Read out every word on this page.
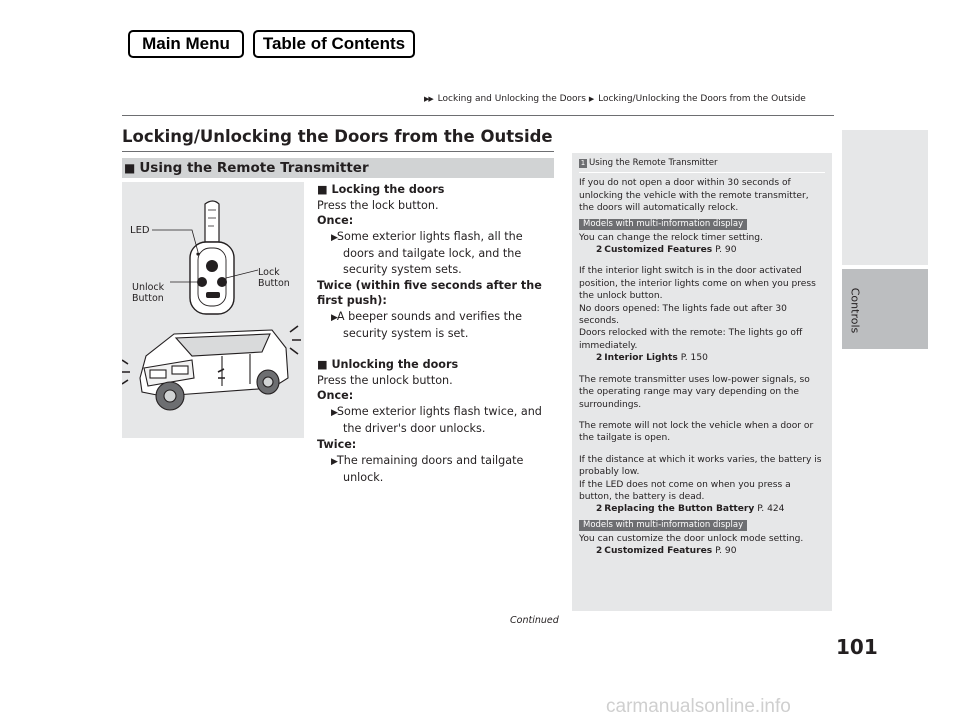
Main Menu	Table of Contents
▶▶ Locking and Unlocking the Doors ▶ Locking/Unlocking the Doors from the Outside
Locking/Unlocking the Doors from the Outside
■ Using the Remote Transmitter
LED
Unlock
Button
Lock
Button
■ Locking the doors
Press the lock button.
Once:
▶Some exterior lights flash, all the doors and tailgate lock, and the security system sets.
Twice (within five seconds after the first push):
▶A beeper sounds and verifies the security system is set.
■ Unlocking the doors
Press the unlock button.
Once:
▶Some exterior lights flash twice, and the driver's door unlocks.
Twice:
▶The remaining doors and tailgate unlock.
1 Using the Remote Transmitter
If you do not open a door within 30 seconds of unlocking the vehicle with the remote transmitter, the doors will automatically relock.
Models with multi-information display
You can change the relock timer setting.
2 Customized Features P. 90
If the interior light switch is in the door activated position, the interior lights come on when you press the unlock button.
No doors opened: The lights fade out after 30 seconds.
Doors relocked with the remote: The lights go off immediately.
2 Interior Lights P. 150
The remote transmitter uses low-power signals, so the operating range may vary depending on the surroundings.
The remote will not lock the vehicle when a door or the tailgate is open.
If the distance at which it works varies, the battery is probably low.
If the LED does not come on when you press a button, the battery is dead.
2 Replacing the Button Battery P. 424
Models with multi-information display
You can customize the door unlock mode setting.
2 Customized Features P. 90
Controls
Continued
101
carmanualsonline.info
